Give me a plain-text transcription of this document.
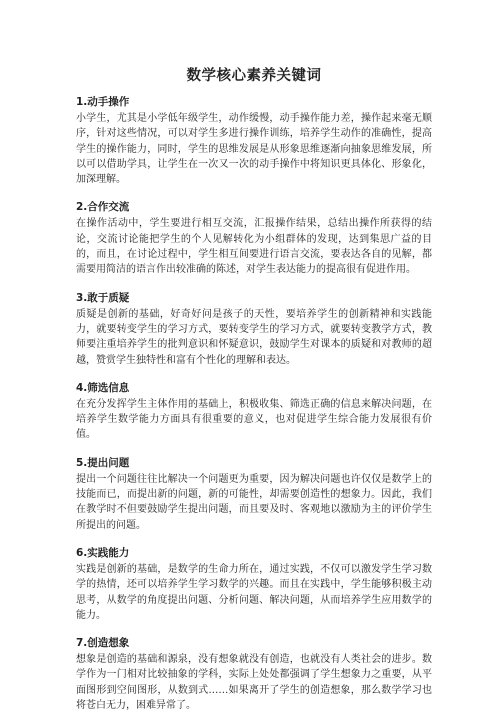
数学核心素养关键词
1.动手操作

小学生，尤其是小学低年级学生，动作缓慢，动手操作能力差，操作起来毫无顺序，针对这些情况，可以对学生多进行操作训练，培养学生动作的准确性，提高学生的操作能力，同时，学生的思维发展是从形象思维逐渐向抽象思维发展，所以可以借助学具，让学生在一次又一次的动手操作中将知识更具体化、形象化，加深理解。

2.合作交流

在操作活动中，学生要进行相互交流，汇报操作结果，总结出操作所获得的结论，交流讨论能把学生的个人见解转化为小组群体的发现，达到集思广益的目的，而且，在讨论过程中，学生相互间要进行语言交流，要表达各自的见解，都需要用简洁的语言作出较准确的陈述，对学生表达能力的提高很有促进作用。

3.敢于质疑

质疑是创新的基础，好奇好问是孩子的天性，要培养学生的创新精神和实践能力，就要转变学生的学习方式，要转变学生的学习方式，就要转变教学方式，教师要注重培养学生的批判意识和怀疑意识，鼓励学生对课本的质疑和对教师的超越，赞赏学生独特性和富有个性化的理解和表达。

4.筛选信息

在充分发挥学生主体作用的基础上，积极收集、筛选正确的信息来解决问题，在培养学生数学能力方面具有很重要的意义，也对促进学生综合能力发展很有价值。

5.提出问题

提出一个问题往往比解决一个问题更为重要，因为解决问题也许仅仅是数学上的技能而已，而提出新的问题，新的可能性，却需要创造性的想象力。因此，我们在教学时不但要鼓励学生提出问题，而且要及时、客观地以激励为主的评价学生所提出的问题。

6.实践能力

实践是创新的基础，是数学的生命力所在，通过实践，不仅可以激发学生学习数学的热情，还可以培养学生学习数学的兴趣。而且在实践中，学生能够积极主动思考，从数学的角度提出问题、分析问题、解决问题，从而培养学生应用数学的能力。

7.创造想象

想象是创造的基础和源泉，没有想象就没有创造，也就没有人类社会的进步。数学作为一门相对比较抽象的学科，实际上处处都强调了学生想象力之重要，从平面图形到空间图形，从数到式……如果离开了学生的创造想象，那么数学学习也将苍白无力，困难异常了。
